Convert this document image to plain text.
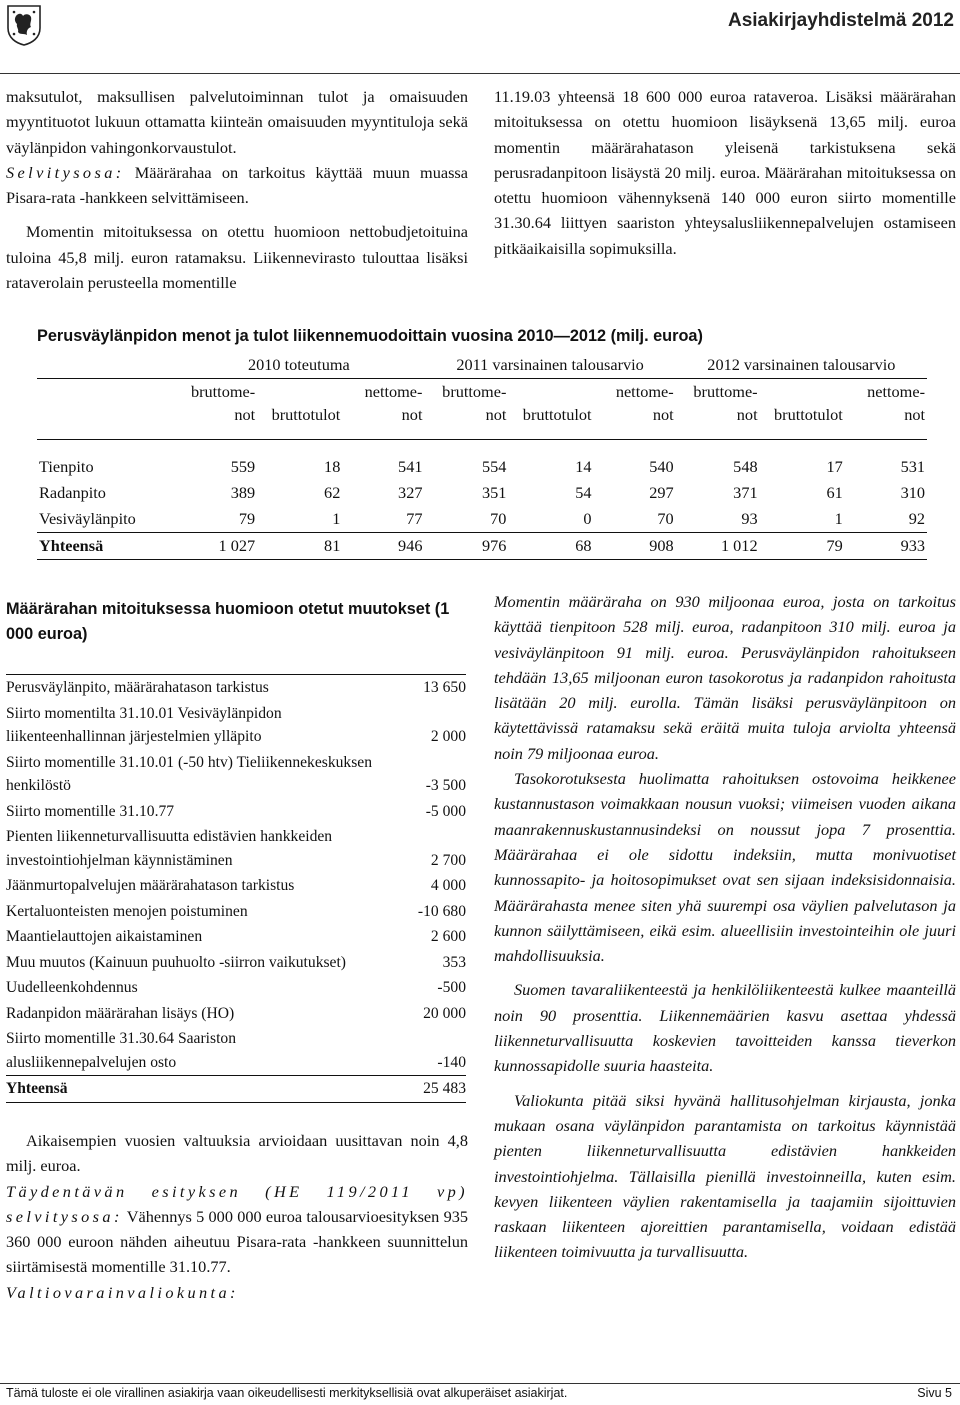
Asiakirjayhdistelmä 2012

maksutulot, maksullisen palvelutoiminnan tulot ja omaisuuden myyntituotot lukuun ottamatta kiinteän omaisuuden myyntituloja sekä väylänpidon vahingonkorvaustulot.

Selvitysosa: Määrärahaa on tarkoitus käyttää muun muassa Pisara-rata -hankkeen selvittämiseen.

Momentin mitoituksessa on otettu huomioon nettobudjetoituina tuloina 45,8 milj. euron ratamaksu. Liikennevirasto tulouttaa lisäksi rataverolain perusteella momentille

11.19.03 yhteensä 18 600 000 euroa rataveroa. Lisäksi määrärahan mitoituksessa on otettu huomioon lisäyksenä 13,65 milj. euroa momentin määrärahatason yleisenä tarkistuksena sekä perusradanpitoon lisäystä 20 milj. euroa. Määrärahan mitoituksessa on otettu huomioon vähennyksenä 140 000 euron siirto momentille 31.30.64 liittyen saariston yhteysalusliikennepalvelujen ostamiseen pitkäaikaisilla sopimuksilla.

Perusväylänpidon menot ja tulot liikennemuodoittain vuosina 2010—2012 (milj. euroa)
	2010 toteutuma			2011 varsinainen talousarvio			2012 varsinainen talousarvio		
	bruttome-		nettome-	bruttome-		nettome-	bruttome-		nettome-
	not	bruttotulot	not	not	bruttotulot	not	not	bruttotulot	not

Tienpito	559	18	541	554	14	540	548	17	531
Radanpito	389	62	327	351	54	297	371	61	310
Vesiväylänpito	79	1	77	70	0	70	93	1	92
Yhteensä	1 027	81	946	976	68	908	1 012	79	933
Määrärahan mitoituksessa huomioon otetut muutokset (1 000 euroa)
Perusväylänpito, määrärahatason tarkistus	13 650
Siirto momentilta 31.10.01 Vesiväylänpidon liikenteenhallinnan järjestelmien ylläpito	2 000
Siirto momentille 31.10.01 (-50 htv) Tieliikennekeskuksen henkilöstö	-3 500
Siirto momentille 31.10.77	-5 000
Pienten liikenneturvallisuutta edistävien hankkeiden investointiohjelman käynnistäminen	2 700
Jäänmurtopalvelujen määrärahatason tarkistus	4 000
Kertaluonteisten menojen poistuminen	-10 680
Maantielauttojen aikaistaminen	2 600
Muu muutos (Kainuun puuhuolto -siirron vaikutukset)	353
Uudelleenkohdennus	-500
Radanpidon määrärahan lisäys (HO)	20 000
Siirto momentille 31.30.64 Saariston alusliikennepalvelujen osto	-140
Yhteensä	25 483

Aikaisempien vuosien valtuuksia arvioidaan uusittavan noin 4,8 milj. euroa.

Täydentävän esityksen (HE 119/2011 vp) selvitysosa: Vähennys 5 000 000 euroa talousarvioesityksen 935 360 000 euroon nähden aiheutuu Pisara-rata -hankkeen suunnittelun siirtämisestä momentille 31.10.77.

Valtiovarainvaliokunta:

Momentin määräraha on 930 miljoonaa euroa, josta on tarkoitus käyttää tienpitoon 528 milj. euroa, radanpitoon 310 milj. euroa ja vesiväylänpitoon 91 milj. euroa. Perusväylänpidon rahoitukseen tehdään 13,65 miljoonan euron tasokorotus ja radanpidon rahoitusta lisätään 20 milj. eurolla. Tämän lisäksi perusväylänpitoon on käytettävissä ratamaksu sekä eräitä muita tuloja arviolta yhteensä noin 79 miljoonaa euroa.

Tasokorotuksesta huolimatta rahoituksen ostovoima heikkenee kustannustason voimakkaan nousun vuoksi; viimeisen vuoden aikana maanrakennuskustannusindeksi on noussut jopa 7 prosenttia. Määrärahaa ei ole sidottu indeksiin, mutta monivuotiset kunnossapito- ja hoitosopimukset ovat sen sijaan indeksisidonnaisia. Määrärahasta menee siten yhä suurempi osa väylien palvelutason ja kunnon säilyttämiseen, eikä esim. alueellisiin investointeihin ole juuri mahdollisuuksia.

Suomen tavaraliikenteestä ja henkilöliikenteestä kulkee maanteillä noin 90 prosenttia. Liikennemäärien kasvu asettaa yhdessä liikenneturvallisuutta koskevien tavoitteiden kanssa tieverkon kunnossapidolle suuria haasteita.

Valiokunta pitää siksi hyvänä hallitusohjelman kirjausta, jonka mukaan osana väylänpidon parantamista on tarkoitus käynnistää pienten liikenneturvallisuutta edistävien hankkeiden investointiohjelma. Tällaisilla pienillä investoinneilla, kuten esim. kevyen liikenteen väylien rakentamisella ja taajamiin sijoittuvien raskaan liikenteen ajoreittien parantamisella, voidaan edistää liikenteen toimivuutta ja turvallisuutta.

Tämä tuloste ei ole virallinen asiakirja vaan oikeudellisesti merkityksellisiä ovat alkuperäiset asiakirjat.	Sivu 5
